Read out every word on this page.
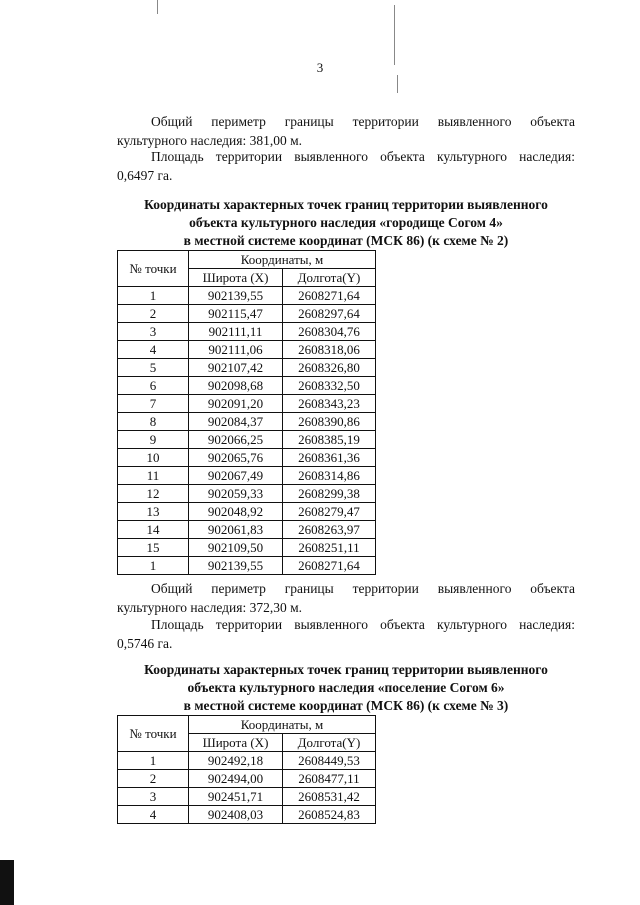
3

Общий периметр границы территории выявленного объекта
культурного наследия: 381,00 м.

Площадь территории выявленного объекта культурного наследия:
0,6497 га.

Координаты характерных точек границ территории выявленного
объекта культурного наследия «городище Согом 4»
в местной системе координат (МСК 86) (к схеме № 2)
№ точки	Координаты, м	
	Широта (X)	Долгота(Y)
1	902139,55	2608271,64
2	902115,47	2608297,64
3	902111,11	2608304,76
4	902111,06	2608318,06
5	902107,42	2608326,80
6	902098,68	2608332,50
7	902091,20	2608343,23
8	902084,37	2608390,86
9	902066,25	2608385,19
10	902065,76	2608361,36
11	902067,49	2608314,86
12	902059,33	2608299,38
13	902048,92	2608279,47
14	902061,83	2608263,97
15	902109,50	2608251,11
1	902139,55	2608271,64

Общий периметр границы территории выявленного объекта
культурного наследия: 372,30 м.

Площадь территории выявленного объекта культурного наследия:
0,5746 га.

Координаты характерных точек границ территории выявленного
объекта культурного наследия «поселение Согом 6»
в местной системе координат (МСК 86) (к схеме № 3)
№ точки	Координаты, м	
	Широта (X)	Долгота(Y)
1	902492,18	2608449,53
2	902494,00	2608477,11
3	902451,71	2608531,42
4	902408,03	2608524,83
